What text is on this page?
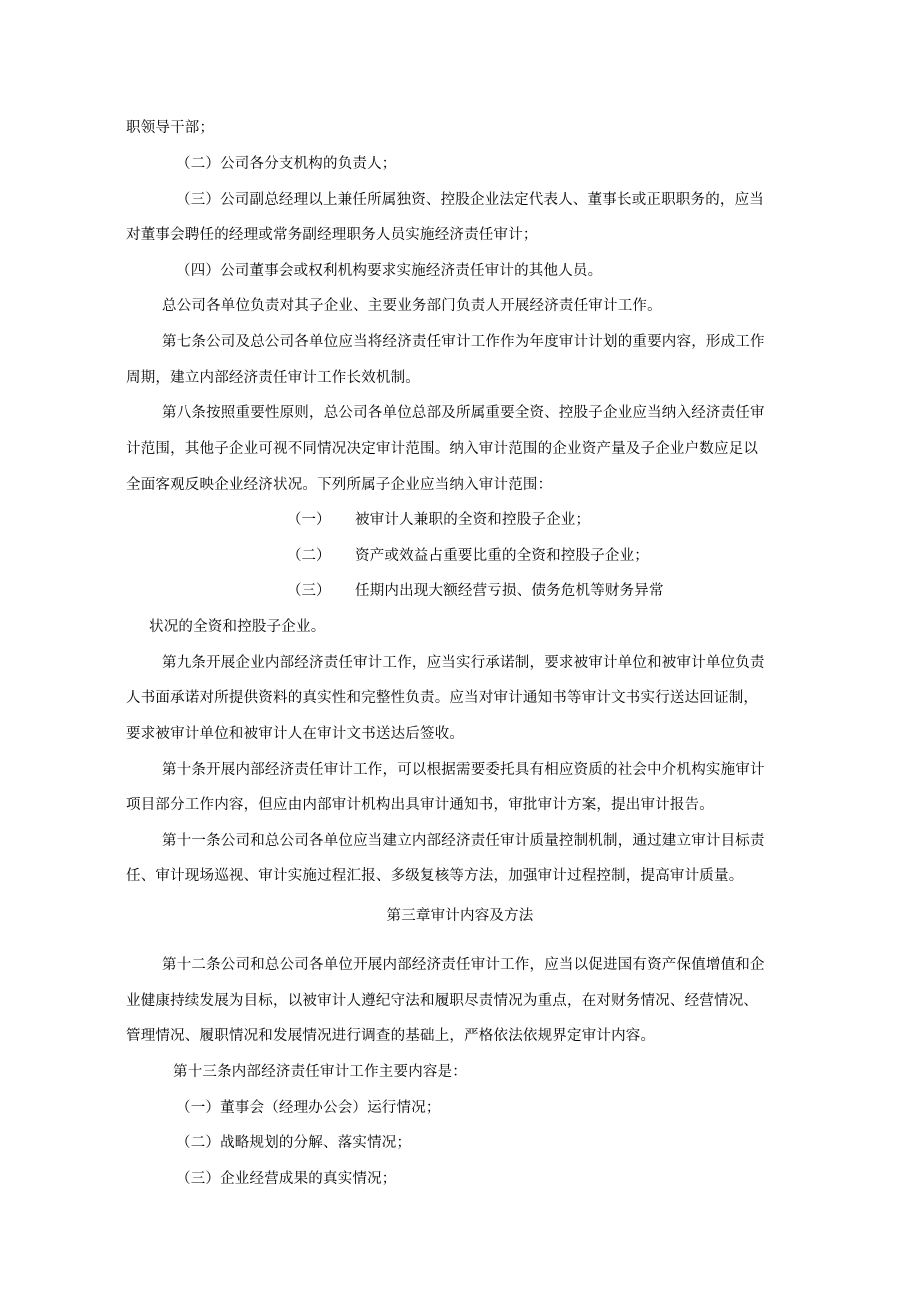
职领导干部；
（二）公司各分支机构的负责人；
（三）公司副总经理以上兼任所属独资、控股企业法定代表人、董事长或正职职务的，应当
对董事会聘任的经理或常务副经理职务人员实施经济责任审计；
（四）公司董事会或权利机构要求实施经济责任审计的其他人员。
总公司各单位负责对其子企业、主要业务部门负责人开展经济责任审计工作。
第七条公司及总公司各单位应当将经济责任审计工作作为年度审计计划的重要内容，形成工作
周期，建立内部经济责任审计工作长效机制。
第八条按照重要性原则，总公司各单位总部及所属重要全资、控股子企业应当纳入经济责任审
计范围，其他子企业可视不同情况决定审计范围。纳入审计范围的企业资产量及子企业户数应足以
全面客观反映企业经济状况。下列所属子企业应当纳入审计范围：
（一） 被审计人兼职的全资和控股子企业；
（二） 资产或效益占重要比重的全资和控股子企业；
（三） 任期内出现大额经营亏损、债务危机等财务异常
状况的全资和控股子企业。
第九条开展企业内部经济责任审计工作，应当实行承诺制，要求被审计单位和被审计单位负责
人书面承诺对所提供资料的真实性和完整性负责。应当对审计通知书等审计文书实行送达回证制，
要求被审计单位和被审计人在审计文书送达后签收。
第十条开展内部经济责任审计工作，可以根据需要委托具有相应资质的社会中介机构实施审计
项目部分工作内容，但应由内部审计机构出具审计通知书，审批审计方案，提出审计报告。
第十一条公司和总公司各单位应当建立内部经济责任审计质量控制机制，通过建立审计目标责
任、审计现场巡视、审计实施过程汇报、多级复核等方法，加强审计过程控制，提高审计质量。
第三章审计内容及方法
第十二条公司和总公司各单位开展内部经济责任审计工作，应当以促进国有资产保值增值和企
业健康持续发展为目标，以被审计人遵纪守法和履职尽责情况为重点，在对财务情况、经营情况、
管理情况、履职情况和发展情况进行调查的基础上，严格依法依规界定审计内容。
第十三条内部经济责任审计工作主要内容是：
（一）董事会（经理办公会）运行情况；
（二）战略规划的分解、落实情况；
（三）企业经营成果的真实情况；
